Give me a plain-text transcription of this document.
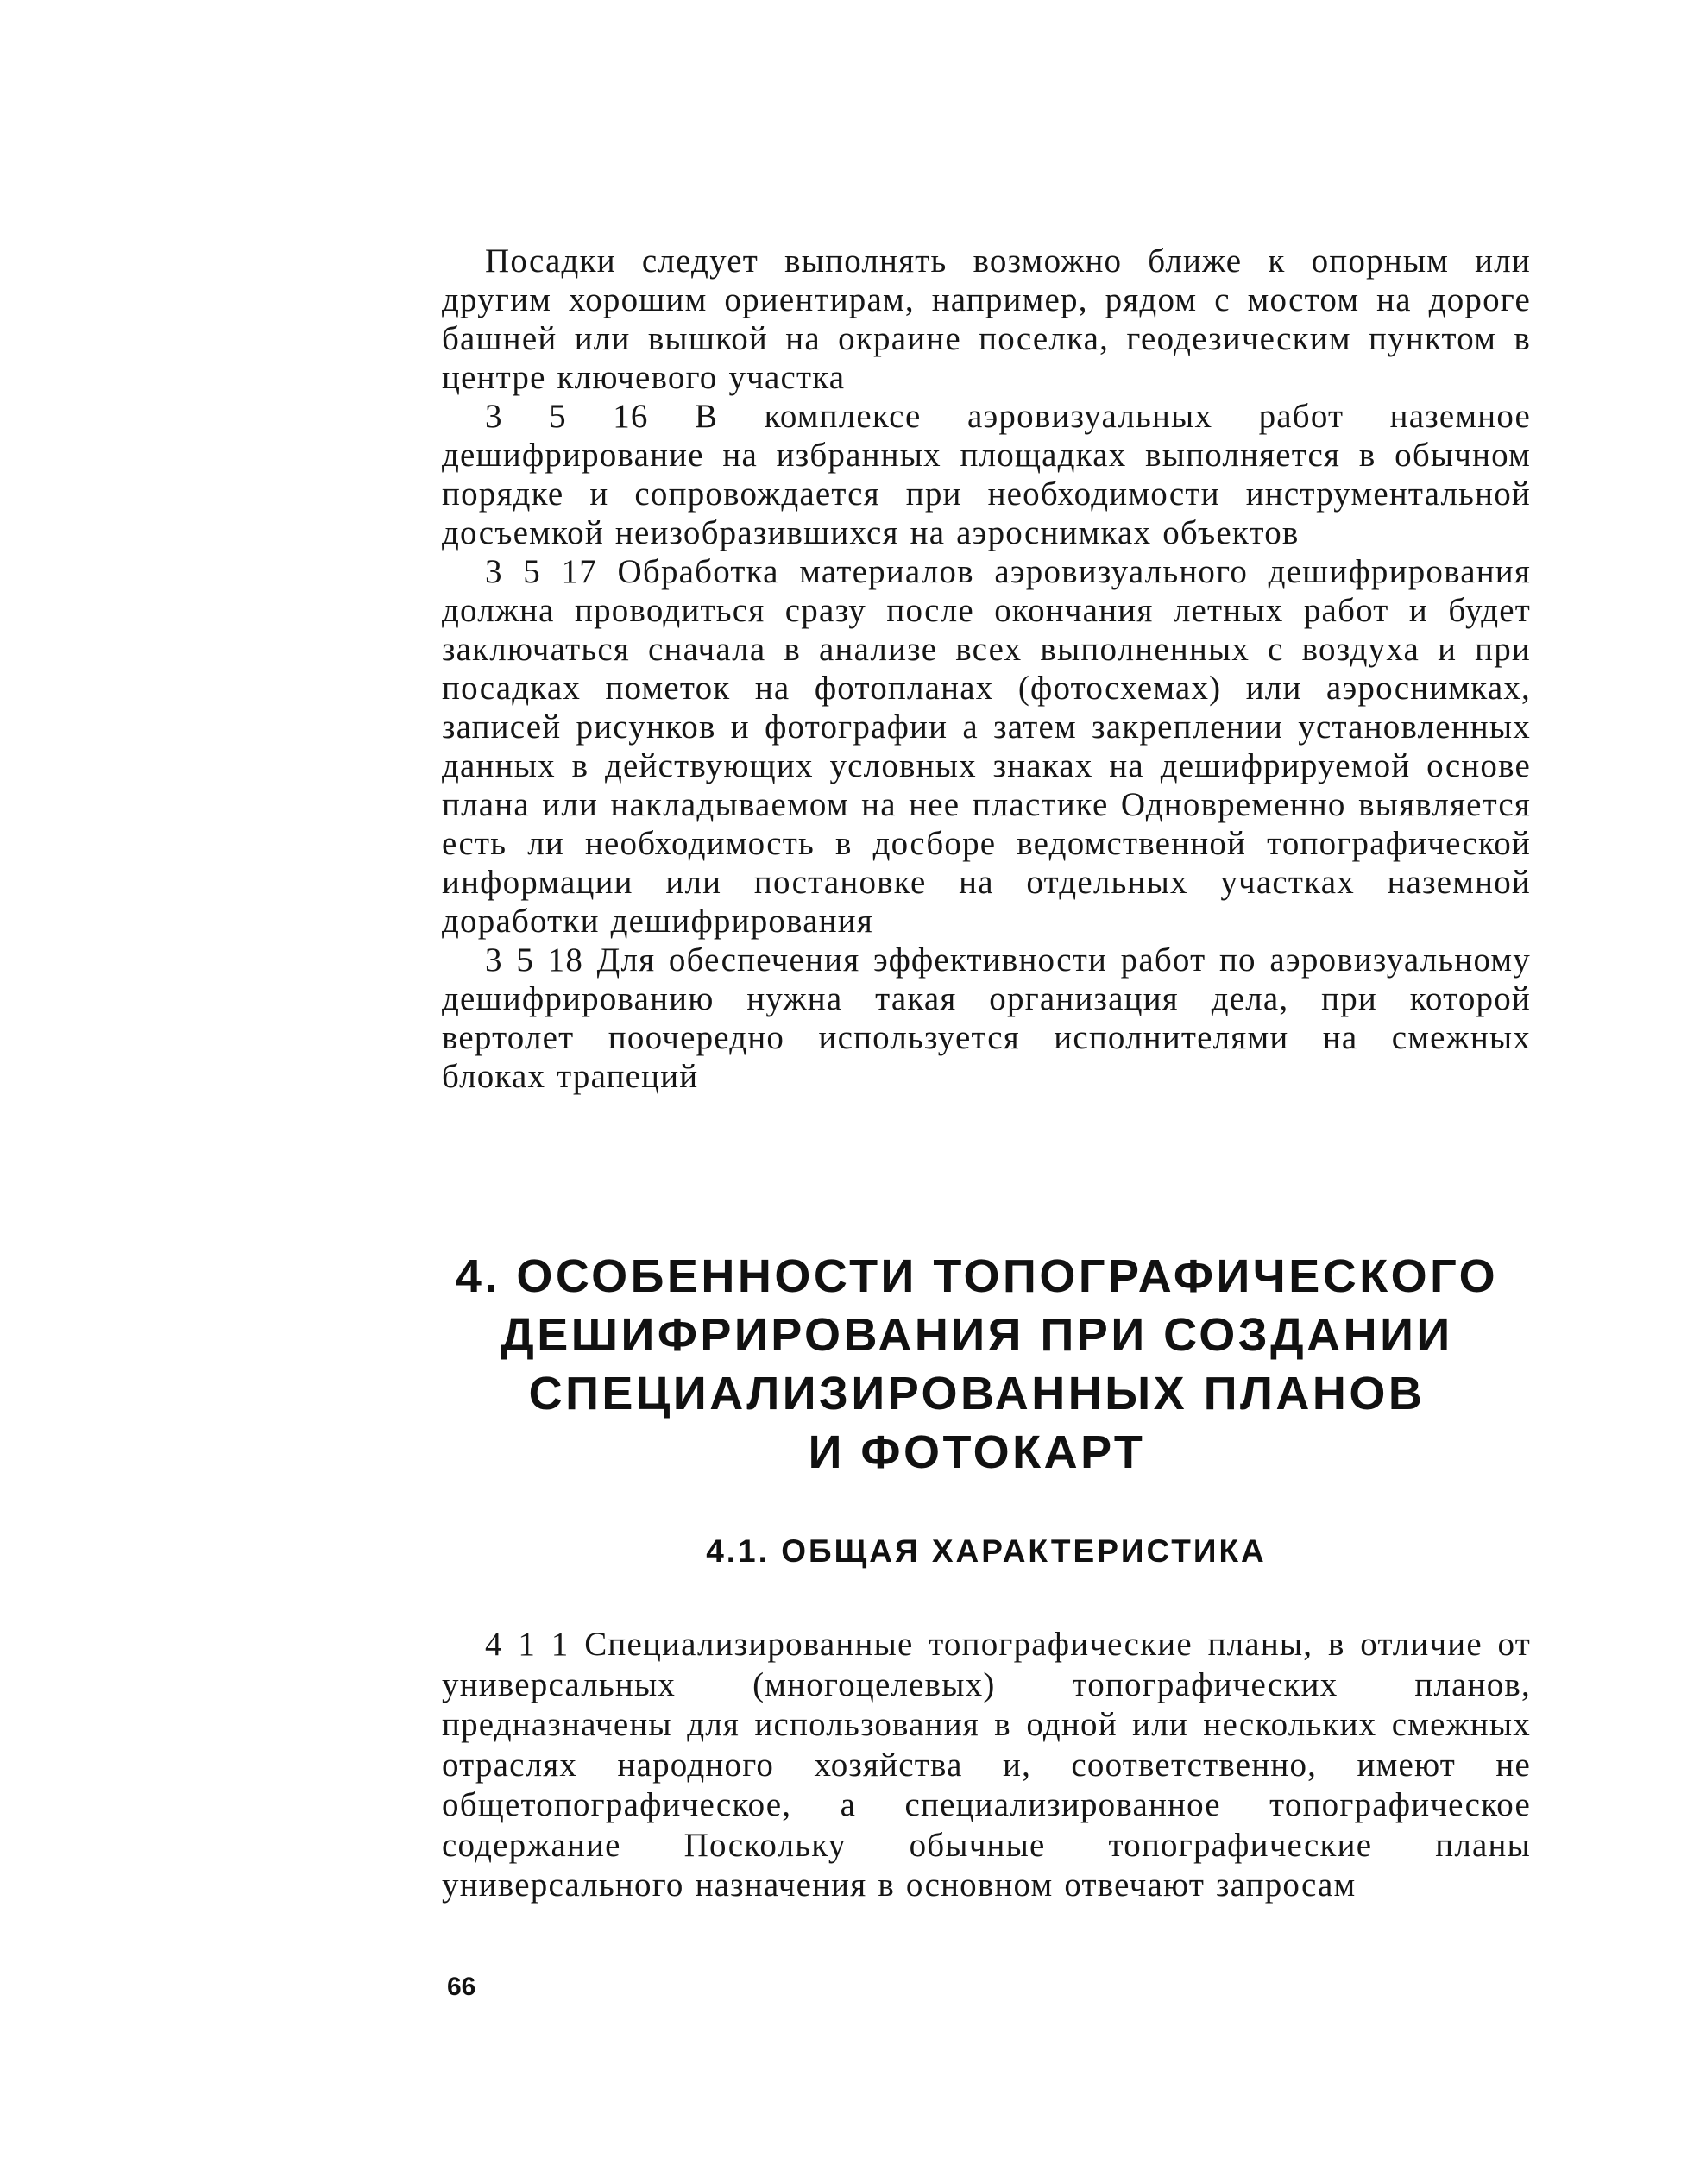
Посадки следует выполнять возможно ближе к опорным или другим хорошим ориентирам, например, рядом с мостом на дороге башней или вышкой на окраине поселка, геодезическим пунктом в центре ключевого участка

3 5 16 В комплексе аэровизуальных работ наземное дешифрирование на избранных площадках выполняется в обычном порядке и сопровождается при необходимости инструментальной досъемкой неизобразившихся на аэроснимках объектов

3 5 17 Обработка материалов аэровизуального дешифрирования должна проводиться сразу после окончания летных работ и будет заключаться сначала в анализе всех выполненных с воздуха и при посадках пометок на фотопланах (фотосхемах) или аэроснимках, записей рисунков и фотографии а затем закреплении установленных данных в действующих условных знаках на дешифрируемой основе плана или накладываемом на нее пластике Одновременно выявляется есть ли необходимость в досборе ведомственной топографической информации или постановке на отдельных участках наземной доработки дешифрирования

3 5 18 Для обеспечения эффективности работ по аэровизуальному дешифрированию нужна такая организация дела, при которой вертолет поочередно используется исполнителями на смежных блоках трапеций

4. ОСОБЕННОСТИ ТОПОГРАФИЧЕСКОГО
ДЕШИФРИРОВАНИЯ ПРИ СОЗДАНИИ
СПЕЦИАЛИЗИРОВАННЫХ ПЛАНОВ
И ФОТОКАРТ
4.1. ОБЩАЯ ХАРАКТЕРИСТИКА

4 1 1 Специализированные топографические планы, в отличие от универсальных (многоцелевых) топографических планов, предназначены для использования в одной или нескольких смежных отраслях народного хозяйства и, соответственно, имеют не общетопографическое, а специализированное топографическое содержание Поскольку обычные топографические планы универсального назначения в основном отвечают запросам

66
